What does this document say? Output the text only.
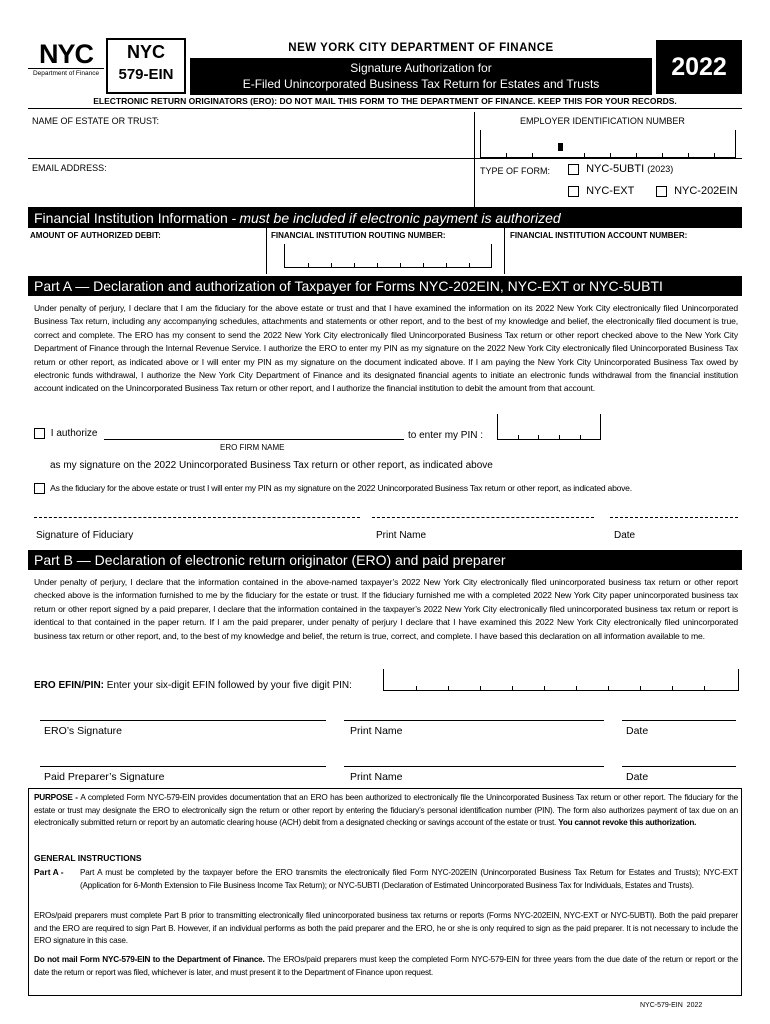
NYC
Department of Finance
NYC
579-EIN
NEW YORK CITY DEPARTMENT OF FINANCE
Signature Authorization for
E-Filed Unincorporated Business Tax Return for Estates and Trusts
2022
ELECTRONIC RETURN ORIGINATORS (ERO): DO NOT MAIL THIS FORM TO THE DEPARTMENT OF FINANCE. KEEP THIS FOR YOUR RECORDS.
NAME OF ESTATE OR TRUST:	EMPLOYER IDENTIFICATION NUMBER
EMAIL ADDRESS:	TYPE OF FORM:	NYC-5UBTI (2023)
NYC-EXT	NYC-202EIN
Financial Institution Information - must be included if electronic payment is authorized
AMOUNT OF AUTHORIZED DEBIT:	FINANCIAL INSTITUTION ROUTING NUMBER:	FINANCIAL INSTITUTION ACCOUNT NUMBER:
Part A — Declaration and authorization of Taxpayer for Forms NYC-202EIN, NYC-EXT or NYC-5UBTI
Under penalty of perjury, I declare that I am the fiduciary for the above estate or trust and that I have examined the information on its 2022 New York City electronically filed Unincorporated Business Tax return, including any accompanying schedules, attachments and statements or other report, and to the best of my knowledge and belief, the electronically filed document is true, correct and complete. The ERO has my consent to send the 2022 New York City electronically filed Unincorporated Business Tax return or other report checked above to the New York City Department of Finance through the Internal Revenue Service. I authorize the ERO to enter my PIN as my signature on the 2022 New York City electronically filed Unincorporated Business Tax return or other report, as indicated above or I will enter my PIN as my signature on the document indicated above. If I am paying the New York City Unincorporated Business Tax owed by electronic funds withdrawal, I authorize the New York City Department of Finance and its designated financial agents to initiate an electronic funds withdrawal from the financial institution account indicated on the Unincorporated Business Tax return or other report, and I authorize the financial institution to debit the amount from that account.
I authorize	to enter my PIN :
ERO FIRM NAME
as my signature on the 2022 Unincorporated Business Tax return or other report, as indicated above
As the fiduciary for the above estate or trust I will enter my PIN as my signature on the 2022 Unincorporated Business Tax return or other report, as indicated above.
Signature of Fiduciary	Print Name	Date
Part B — Declaration of electronic return originator (ERO) and paid preparer
Under penalty of perjury, I declare that the information contained in the above-named taxpayer’s 2022 New York City electronically filed unincorporated business tax return or other report checked above is the information furnished to me by the fiduciary for the estate or trust. If the fiduciary furnished me with a completed 2022 New York City paper unincorporated business tax return or other report signed by a paid preparer, I declare that the information contained in the taxpayer’s 2022 New York City electronically filed unincorporated business tax return or report is identical to that contained in the paper return. If I am the paid preparer, under penalty of perjury I declare that I have examined this 2022 New York City electronically filed unincorporated business tax return or other report, and, to the best of my knowledge and belief, the return is true, correct, and complete. I have based this declaration on all information available to me.
ERO EFIN/PIN: Enter your six-digit EFIN followed by your five digit PIN:
ERO’s Signature	Print Name	Date
Paid Preparer’s Signature	Print Name	Date
PURPOSE - A completed Form NYC-579-EIN provides documentation that an ERO has been authorized to electronically file the Unincorporated Business Tax return or other report. The fiduciary for the estate or trust may designate the ERO to electronically sign the return or other report by entering the fiduciary’s personal identification number (PIN). The form also authorizes payment of tax due on an electronically submitted return or report by an automatic clearing house (ACH) debit from a designated checking or savings account of the estate or trust. You cannot revoke this authorization.
GENERAL INSTRUCTIONS
Part A - Part A must be completed by the taxpayer before the ERO transmits the electronically filed Form NYC-202EIN (Unincorporated Business Tax Return for Estates and Trusts); NYC-EXT (Application for 6-Month Extension to File Business Income Tax Return); or NYC-5UBTI (Declaration of Estimated Unincorporated Business Tax for Individuals, Estates and Trusts).
EROs/paid preparers must complete Part B prior to transmitting electronically filed unincorporated business tax returns or reports (Forms NYC-202EIN, NYC-EXT or NYC-5UBTI). Both the paid preparer and the ERO are required to sign Part B. However, if an individual performs as both the paid preparer and the ERO, he or she is only required to sign as the paid preparer. It is not necessary to include the ERO signature in this case.
Do not mail Form NYC-579-EIN to the Department of Finance. The EROs/paid preparers must keep the completed Form NYC-579-EIN for three years from the due date of the return or report or the date the return or report was filed, whichever is later, and must present it to the Department of Finance upon request.
NYC-579-EIN  2022
